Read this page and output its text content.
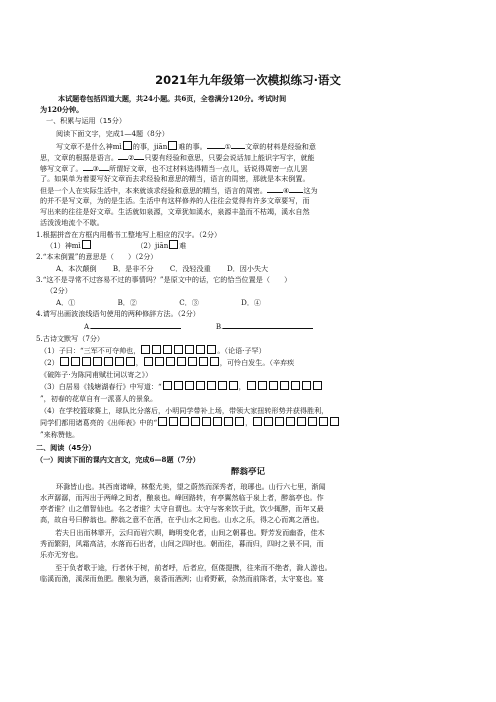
2021年九年级第一次模拟练习·语文
本试题卷包括四道大题，共24小题。共6页，全卷满分120分。考试时间
为120分钟。
一、积累与运用（15分）
阅读下面文字，完成1—4题（8分）
写文章不是什么神mì 的事，jiān 难的事。	① 文章的材料是经验和意
思，文章的根据是语言。 ② 只要有经验和意思，只要会说话加上能识字写字，就能
够写文章了。 ③ 所谓好文章，也不过材料选得精当一点儿，话说得周密一点儿罢
了。如果单为着要写好文章而去求经验和意思的精当，语言的周密，那就是本末倒置。
但是一个人在实际生活中，本来就该求经验和意思的精当，语言的周密。 ④ 这为
的并不是写文章，为的是生活。生活中有这样修养的人往往会觉得有许多文章要写，而
写出来的往往是好文章。生活就如泉源，文章犹如溪水，泉源丰盈而不枯竭，溪水自然
活泼泼地流个不歇。
1.根据拼音在方框内用楷书工整地写上相应的汉字。（2分）
（1）神mì	（2）jiān 难
2.“本末倒置”的意思是（　　）（2分）
A．本次颠倒 B．是非不分 C．没轻没重 D．因小失大
3.“这不是寻常不过容易不过的事情吗？”是原文中的话，它的恰当位置是（　　）
（2分）
A．①	B．②	C．③	D．④
4.请写出画波浪线语句使用的两种修辞方法。（2分）
A.	B.
5.古诗文默写（7分）
（1）子曰：“三军不可夺帅也，	。（论语·子罕）
（2）	，	，可怜白发生。（辛弃疾
《破阵子·为陈同甫赋壮词以寄之》）
（3）白居易《钱塘湖春行》中写道：“	，
”，初春的花草自有一派喜人的景象。
（4）在学校篮球赛上，球队比分落后，小明同学带补上场，带领大家扭转形势并获得胜利，
同学们都用诸葛亮的《出师表》中的“	，
”来称赞他。
二、阅读（45分）
（一）阅读下面的课内文言文，完成6—8题（7分）
醉翁亭记
环滁皆山也。其西南诸峰，林壑尤美，望之蔚然而深秀者，琅琊也。山行六七里，渐闻
水声潺潺，而泻出于两峰之间者，酿泉也。峰回路转，有亭翼然临于泉上者，醉翁亭也。作
亭者谁？山之僧智仙也。名之者谁？太守自谓也。太守与客来饮于此，饮少辄醉，而年又最
高，故自号曰醉翁也。醉翁之意不在酒，在乎山水之间也。山水之乐，得之心而寓之酒也。
　若夫日出而林霏开，云归而岩穴暝，晦明变化者，山间之朝暮也。野芳发而幽香，佳木
秀而繁阴，风霜高洁，水落而石出者，山间之四时也。朝而往，暮而归，四时之景不同，而
乐亦无穷也。
　至于负者歌于途，行者休于树，前者呼，后者应，伛偻提携，往来而不绝者，滁人游也。
临溪而渔，溪深而鱼肥。酿泉为酒，泉香而酒洌；山肴野蔌，杂然而前陈者，太守宴也。宴
